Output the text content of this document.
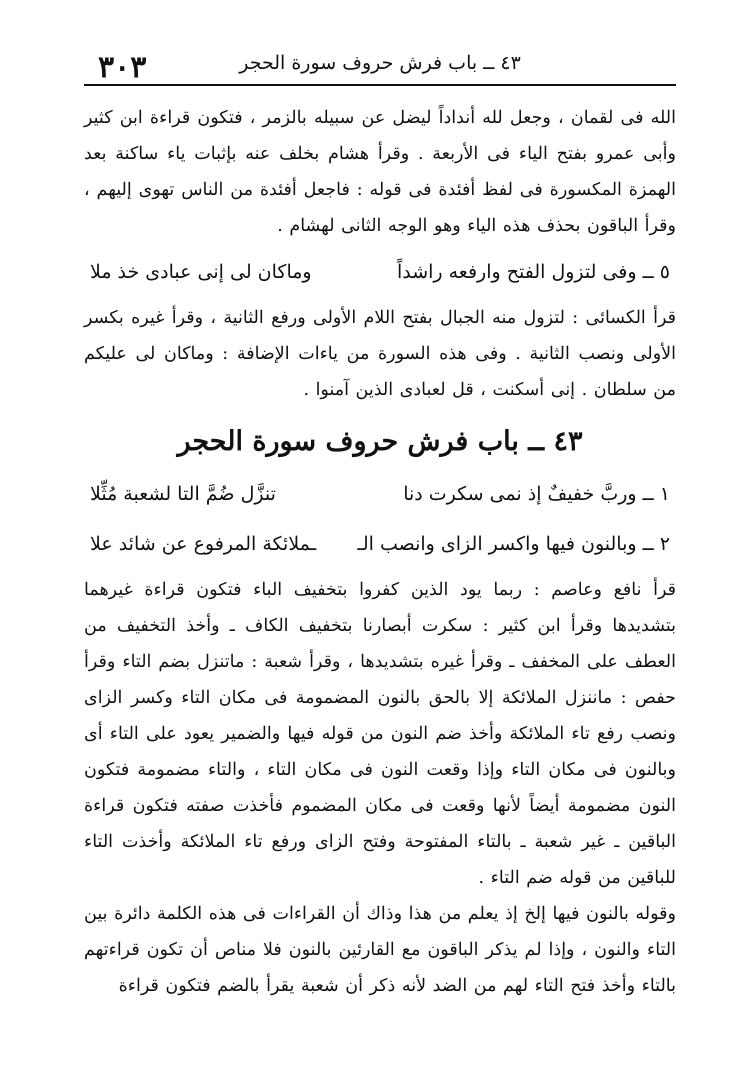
٤٣ ــ باب فرش حروف سورة الحجر
٣٠٣

الله فى لقمان ، وجعل لله أنداداً ليضل عن سبيله بالزمر ، فتكون قراءة ابن كثير وأبى عمرو بفتح الياء فى الأربعة . وقرأ هشام بخلف عنه بإثبات ياء ساكنة بعد الهمزة المكسورة فى لفظ أفئدة فى قوله : فاجعل أفئدة من الناس تهوى إليهم ، وقرأ الباقون بحذف هذه الياء وهو الوجه الثانى لهشام .

٥ ــ وفى لتزول الفتح وارفعه راشداً
وماكان لى إنى عبادى خذ ملا

قرأ الكسائى : لتزول منه الجبال بفتح اللام الأولى ورفع الثانية ، وقرأ غيره بكسر الأولى ونصب الثانية . وفى هذه السورة من ياءات الإضافة : وماكان لى عليكم من سلطان . إنى أسكنت ، قل لعبادى الذين آمنوا .

٤٣ ــ باب فرش حروف سورة الحجر
١ ــ وربَّ خفيفٌ إذ نمى سكرت دنا
تنزَّل ضُمَّ التا لشعبة مُثِّلا
٢ ــ وبالنون فيها واكسر الزاى وانصب الـ
ـملائكة المرفوع عن شائد علا

قرأ نافع وعاصم : ربما يود الذين كفروا بتخفيف الباء فتكون قراءة غيرهما بتشديدها وقرأ ابن كثير : سكرت أبصارنا بتخفيف الكاف ـ وأخذ التخفيف من العطف على المخفف ـ وقرأ غيره بتشديدها ، وقرأ شعبة : ماتنزل بضم التاء وقرأ حفص : ماننزل الملائكة إلا بالحق بالنون المضمومة فى مكان التاء وكسر الزاى ونصب رفع تاء الملائكة وأخذ ضم النون من قوله فيها والضمير يعود على التاء أى وبالنون فى مكان التاء وإذا وقعت النون فى مكان التاء ، والتاء مضمومة فتكون النون مضمومة أيضاً لأنها وقعت فى مكان المضموم فأخذت صفته فتكون قراءة الباقين ـ غير شعبة ـ بالتاء المفتوحة وفتح الزاى ورفع تاء الملائكة وأخذت التاء للباقين من قوله ضم التاء .

وقوله بالنون فيها إلخ إذ يعلم من هذا وذاك أن القراءات فى هذه الكلمة دائرة بين التاء والنون ، وإذا لم يذكر الباقون مع القارئين بالنون فلا مناص أن تكون قراءتهم بالتاء وأخذ فتح التاء لهم من الضد لأنه ذكر أن شعبة يقرأ بالضم فتكون قراءة
